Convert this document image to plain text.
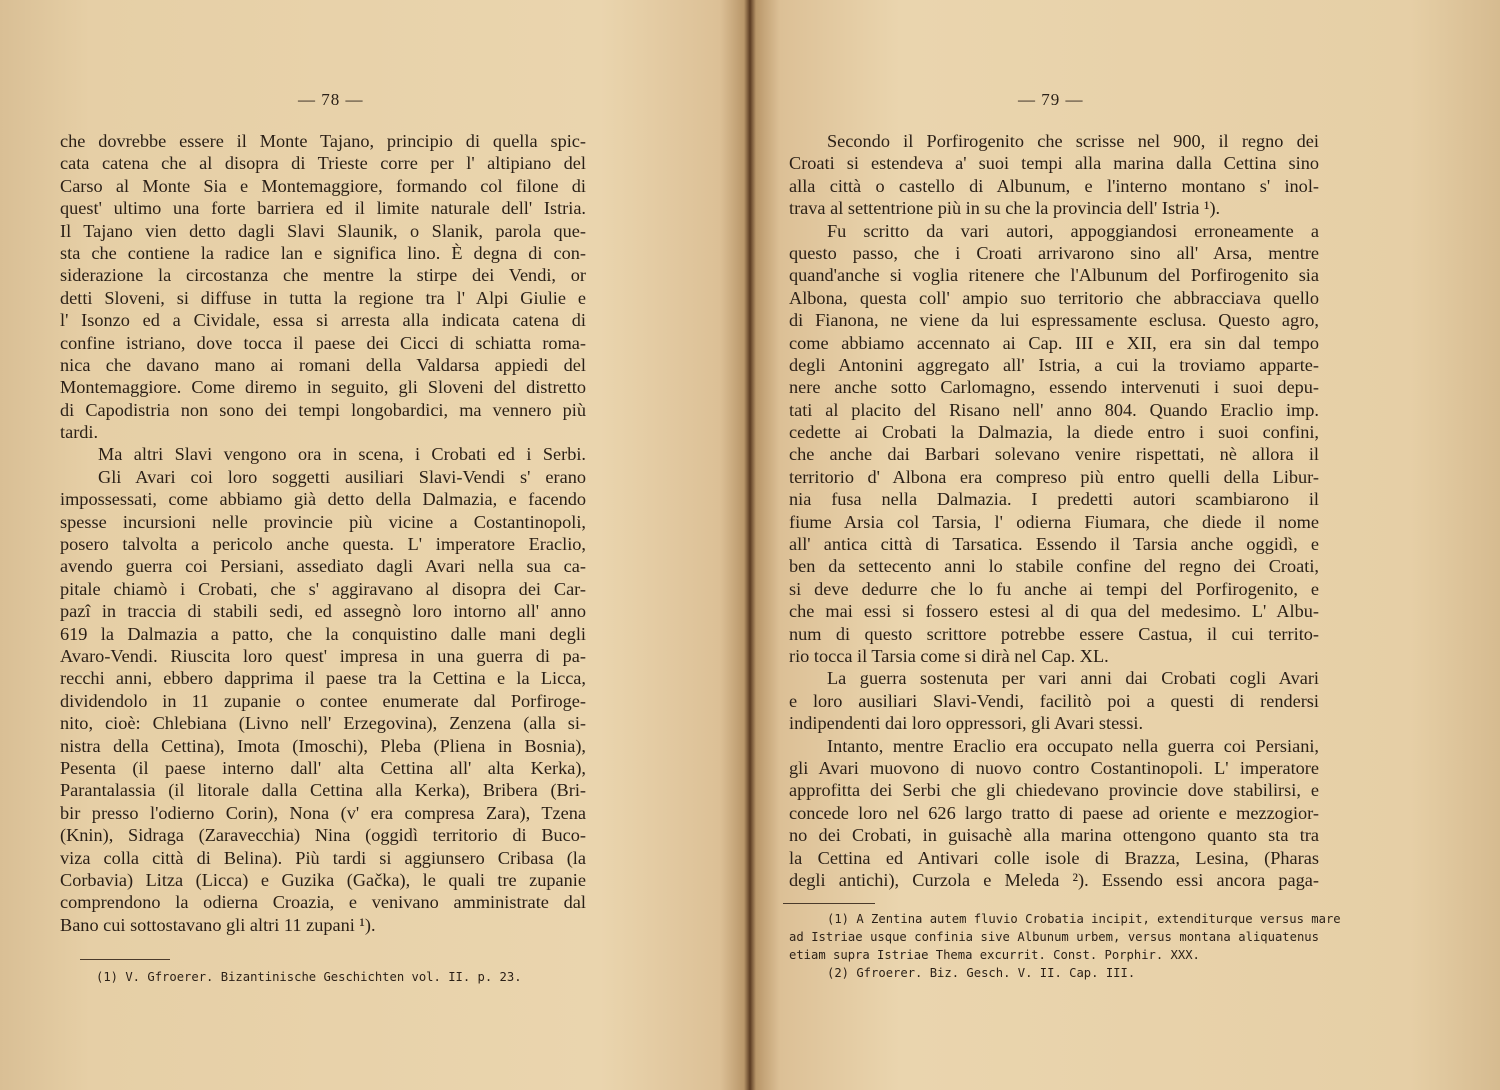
— 78 —
che dovrebbe essere il Monte Tajano, principio di quella spic-
cata catena che al disopra di Trieste corre per l' altipiano del
Carso al Monte Sia e Montemaggiore, formando col filone di
quest' ultimo una forte barriera ed il limite naturale dell' Istria.
Il Tajano vien detto dagli Slavi Slaunik, o Slanik, parola que-
sta che contiene la radice lan e significa lino. È degna di con-
siderazione la circostanza che mentre la stirpe dei Vendi, or
detti Sloveni, si diffuse in tutta la regione tra l' Alpi Giulie e
l' Isonzo ed a Cividale, essa si arresta alla indicata catena di
confine istriano, dove tocca il paese dei Cicci di schiatta roma-
nica che davano mano ai romani della Valdarsa appiedi del
Montemaggiore. Come diremo in seguito, gli Sloveni del distretto
di Capodistria non sono dei tempi longobardici, ma vennero più
tardi.
Ma altri Slavi vengono ora in scena, i Crobati ed i Serbi.
Gli Avari coi loro soggetti ausiliari Slavi-Vendi s' erano
impossessati, come abbiamo già detto della Dalmazia, e facendo
spesse incursioni nelle provincie più vicine a Costantinopoli,
posero talvolta a pericolo anche questa. L' imperatore Eraclio,
avendo guerra coi Persiani, assediato dagli Avari nella sua ca-
pitale chiamò i Crobati, che s' aggiravano al disopra dei Car-
pazî in traccia di stabili sedi, ed assegnò loro intorno all' anno
619 la Dalmazia a patto, che la conquistino dalle mani degli
Avaro-Vendi. Riuscita loro quest' impresa in una guerra di pa-
recchi anni, ebbero dapprima il paese tra la Cettina e la Licca,
dividendolo in 11 zupanie o contee enumerate dal Porfiroge-
nito, cioè: Chlebiana (Livno nell' Erzegovina), Zenzena (alla si-
nistra della Cettina), Imota (Imoschi), Pleba (Pliena in Bosnia),
Pesenta (il paese interno dall' alta Cettina all' alta Kerka),
Parantalassia (il litorale dalla Cettina alla Kerka), Bribera (Bri-
bir presso l'odierno Corin), Nona (v' era compresa Zara), Tzena
(Knin), Sidraga (Zaravecchia) Nina (oggidì territorio di Buco-
viza colla città di Belina). Più tardi si aggiunsero Cribasa (la
Corbavia) Litza (Licca) e Guzika (Gačka), le quali tre zupanie
comprendono la odierna Croazia, e venivano amministrate dal
Bano cui sottostavano gli altri 11 zupani ¹).
(1) V. Gfroerer. Bizantinische Geschichten vol. II. p. 23.
— 79 —
Secondo il Porfirogenito che scrisse nel 900, il regno dei
Croati si estendeva a' suoi tempi alla marina dalla Cettina sino
alla città o castello di Albunum, e l'interno montano s' inol-
trava al settentrione più in su che la provincia dell' Istria ¹).
Fu scritto da vari autori, appoggiandosi erroneamente a
questo passo, che i Croati arrivarono sino all' Arsa, mentre
quand'anche si voglia ritenere che l'Albunum del Porfirogenito sia
Albona, questa coll' ampio suo territorio che abbracciava quello
di Fianona, ne viene da lui espressamente esclusa. Questo agro,
come abbiamo accennato ai Cap. III e XII, era sin dal tempo
degli Antonini aggregato all' Istria, a cui la troviamo apparte-
nere anche sotto Carlomagno, essendo intervenuti i suoi depu-
tati al placito del Risano nell' anno 804. Quando Eraclio imp.
cedette ai Crobati la Dalmazia, la diede entro i suoi confini,
che anche dai Barbari solevano venire rispettati, nè allora il
territorio d' Albona era compreso più entro quelli della Libur-
nia fusa nella Dalmazia. I predetti autori scambiarono il
fiume Arsia col Tarsia, l' odierna Fiumara, che diede il nome
all' antica città di Tarsatica. Essendo il Tarsia anche oggidì, e
ben da settecento anni lo stabile confine del regno dei Croati,
si deve dedurre che lo fu anche ai tempi del Porfirogenito, e
che mai essi si fossero estesi al di qua del medesimo. L' Albu-
num di questo scrittore potrebbe essere Castua, il cui territo-
rio tocca il Tarsia come si dirà nel Cap. XL.
La guerra sostenuta per vari anni dai Crobati cogli Avari
e loro ausiliari Slavi-Vendi, facilitò poi a questi di rendersi
indipendenti dai loro oppressori, gli Avari stessi.
Intanto, mentre Eraclio era occupato nella guerra coi Persiani,
gli Avari muovono di nuovo contro Costantinopoli. L' imperatore
approfitta dei Serbi che gli chiedevano provincie dove stabilirsi, e
concede loro nel 626 largo tratto di paese ad oriente e mezzogior-
no dei Crobati, in guisachè alla marina ottengono quanto sta tra
la Cettina ed Antivari colle isole di Brazza, Lesina, (Pharas
degli antichi), Curzola e Meleda ²). Essendo essi ancora paga-
(1) A Zentina autem fluvio Crobatia incipit, extenditurque versus mare
ad Istriae usque confinia sive Albunum urbem, versus montana aliquatenus
etiam supra Istriae Thema excurrit. Const. Porphir. XXX.
(2) Gfroerer. Biz. Gesch. V. II. Cap. III.
